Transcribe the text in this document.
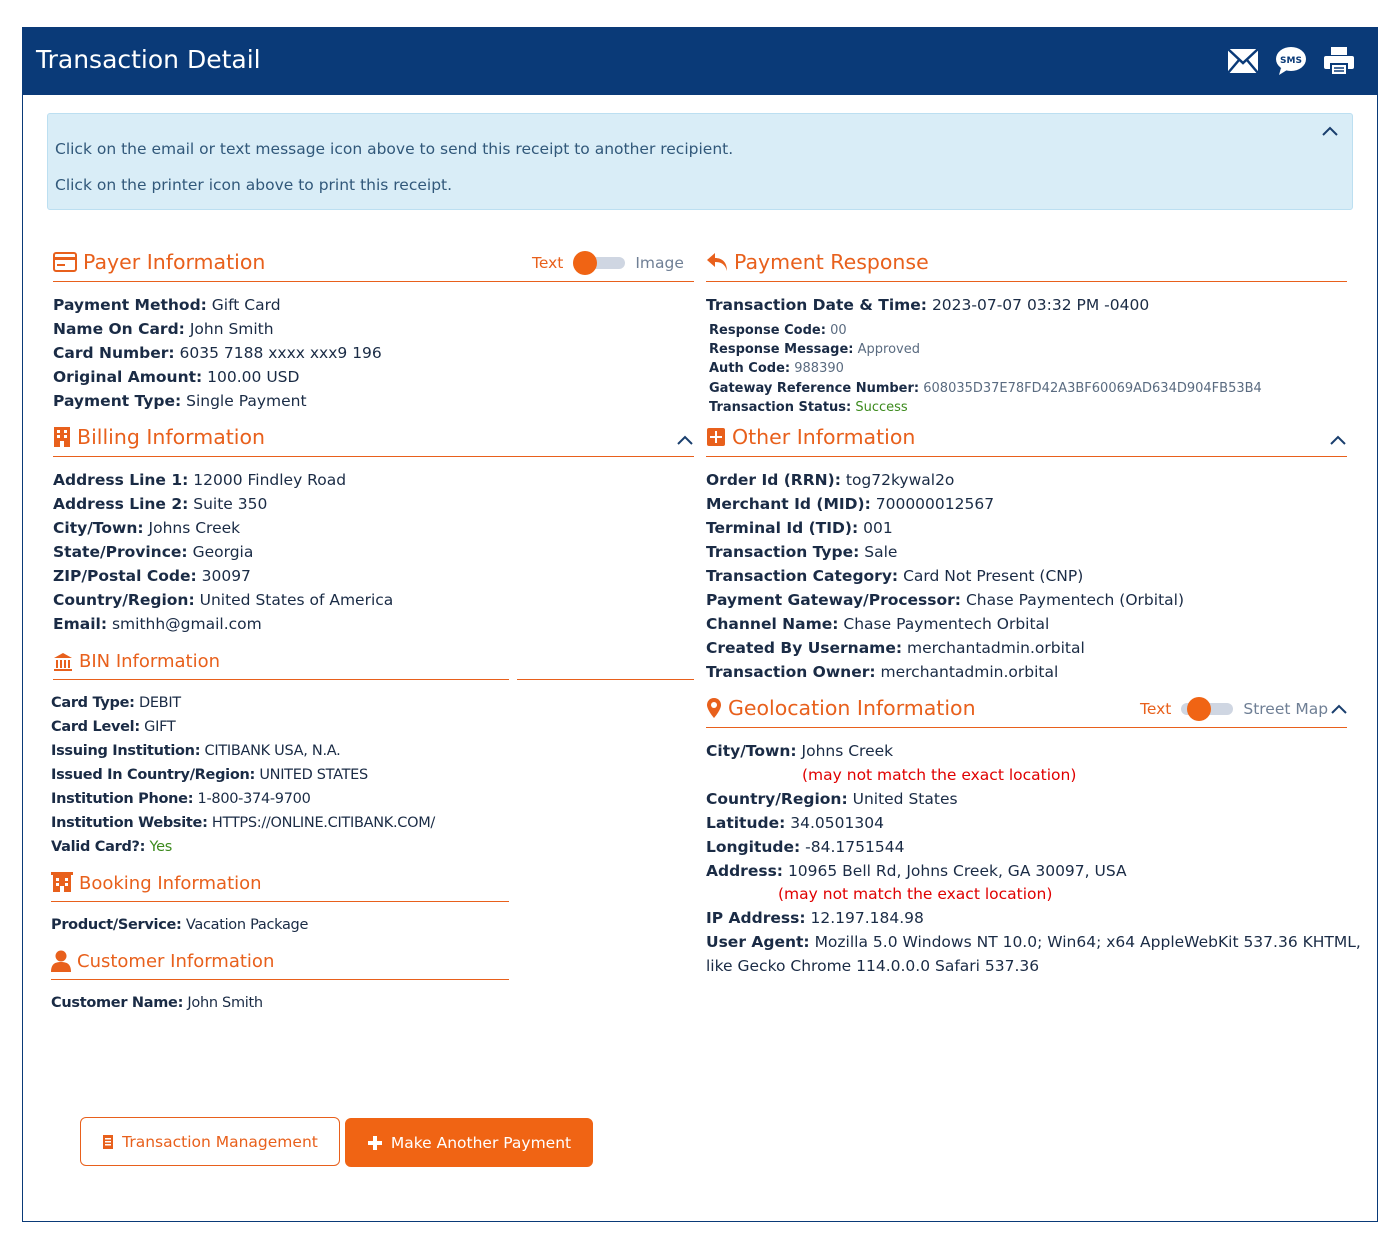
Transaction Detail	SMS

Click on the email or text message icon above to send this receipt to another recipient.

Click on the printer icon above to print this receipt.

Payer Information	Text	Image
Payment Method: Gift Card
Name On Card: John Smith
Card Number: 6035 7188 xxxx xxx9 196
Original Amount: 100.00 USD
Payment Type: Single Payment
Billing Information
Address Line 1: 12000 Findley Road
Address Line 2: Suite 350
City/Town: Johns Creek
State/Province: Georgia
ZIP/Postal Code: 30097
Country/Region: United States of America
Email: smithh@gmail.com
BIN Information
Card Type: DEBIT
Card Level: GIFT
Issuing Institution: CITIBANK USA, N.A.
Issued In Country/Region: UNITED STATES
Institution Phone: 1-800-374-9700
Institution Website: HTTPS://ONLINE.CITIBANK.COM/
Valid Card?: Yes
Booking Information
Product/Service: Vacation Package
Customer Information
Customer Name: John Smith
Payment Response
Transaction Date & Time: 2023-07-07 03:32 PM -0400
Response Code: 00
Response Message: Approved
Auth Code: 988390
Gateway Reference Number: 608035D37E78FD42A3BF60069AD634D904FB53B4
Transaction Status: Success
Other Information
Order Id (RRN): tog72kywal2o
Merchant Id (MID): 700000012567
Terminal Id (TID): 001
Transaction Type: Sale
Transaction Category: Card Not Present (CNP)
Payment Gateway/Processor: Chase Paymentech (Orbital)
Channel Name: Chase Paymentech Orbital
Created By Username: merchantadmin.orbital
Transaction Owner: merchantadmin.orbital
Geolocation Information	Text	Street Map
City/Town: Johns Creek
(may not match the exact location)
Country/Region: United States
Latitude: 34.0501304
Longitude: -84.1751544
Address: 10965 Bell Rd, Johns Creek, GA 30097, USA
(may not match the exact location)
IP Address: 12.197.184.98
User Agent: Mozilla 5.0 Windows NT 10.0; Win64; x64 AppleWebKit 537.36 KHTML,
like Gecko Chrome 114.0.0.0 Safari 537.36
Transaction Management	Make Another Payment
